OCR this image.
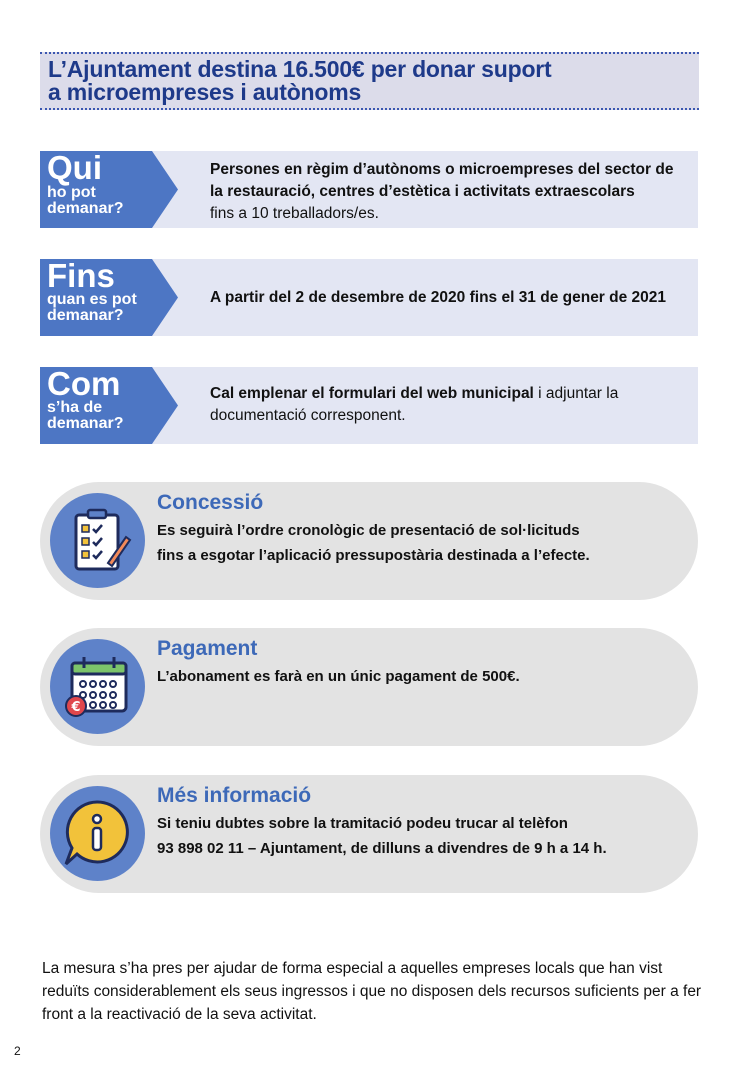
L’Ajuntament destina 16.500€ per donar suport
a microempreses i autònoms
Qui
ho pot
demanar?
Persones en règim d’autònoms o microempreses del sector de la restauració, centres d’estètica i activitats extraescolars
fins a 10 treballadors/es.
Fins
quan es pot
demanar?
A partir del 2 de desembre de 2020 fins el 31 de gener de 2021
Com
s’ha de
demanar?
Cal emplenar el formulari del web municipal i adjuntar la documentació corresponent.
Concessió
Es seguirà l’ordre cronològic de presentació de sol·licituds
fins a esgotar l’aplicació pressupostària destinada a l’efecte.
€
Pagament
L’abonament es farà en un únic pagament de 500€.
Més informació
Si teniu dubtes sobre la tramitació podeu trucar al telèfon
93 898 02 11 – Ajuntament, de dilluns a divendres de 9 h a 14 h.
La mesura s’ha pres per ajudar de forma especial a aquelles empreses locals que han vist reduïts considerablement els seus ingressos i que no disposen dels recursos suficients per a fer front a la reactivació de la seva activitat.
2
